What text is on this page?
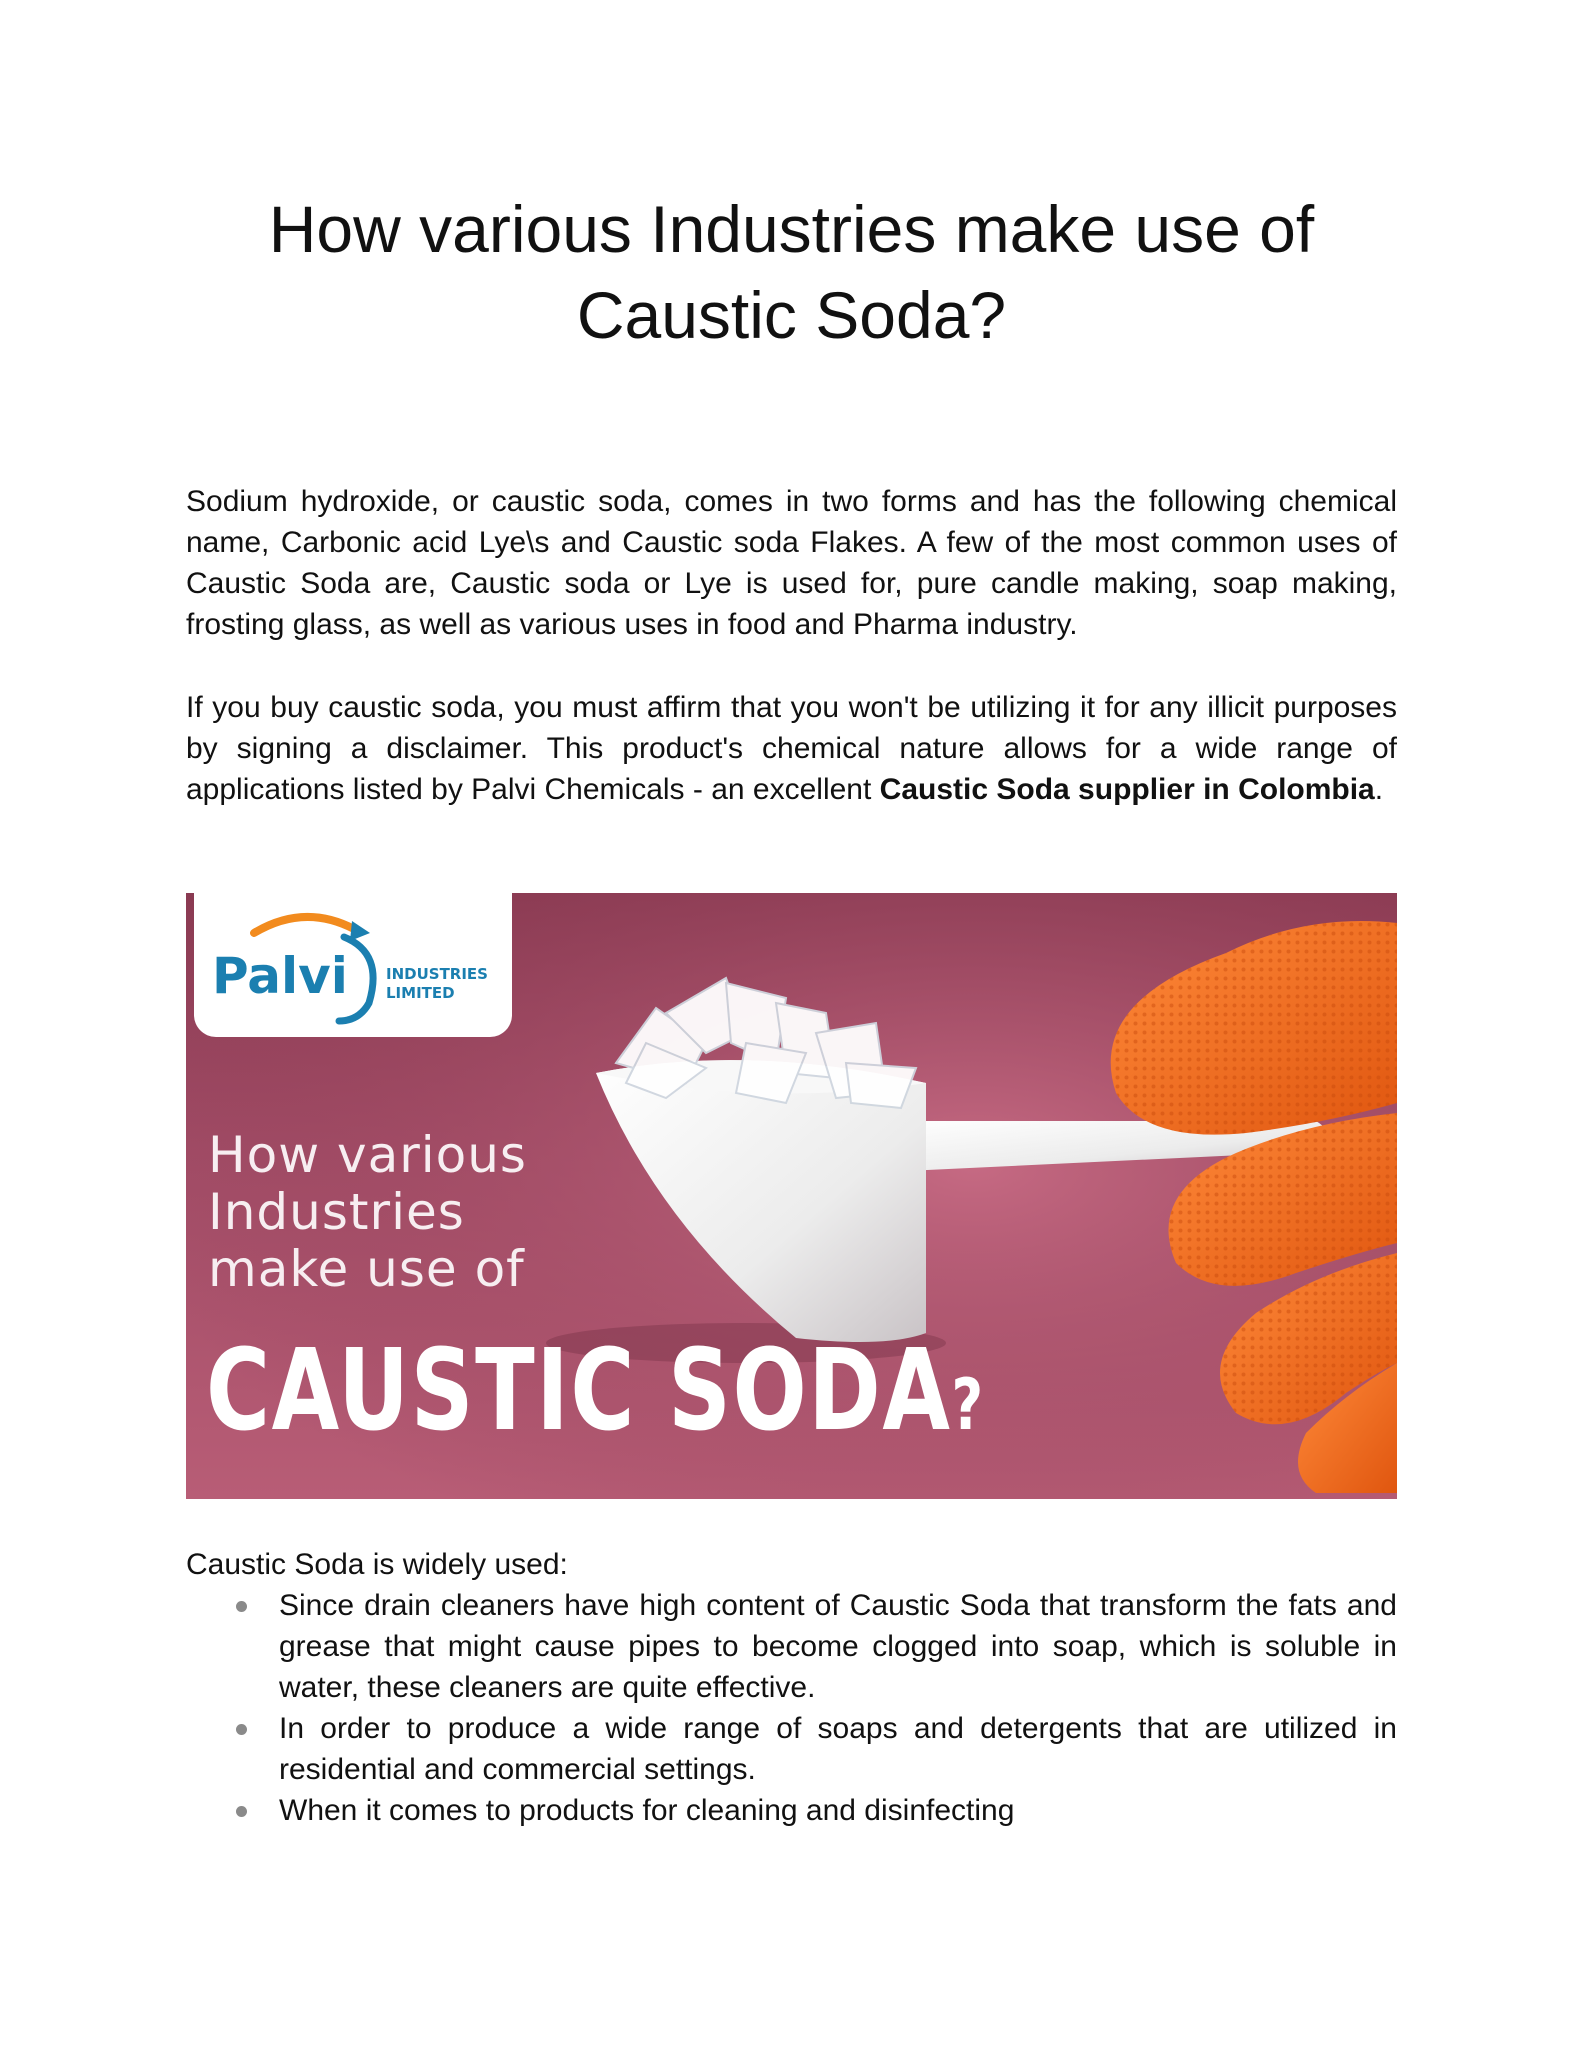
How various Industries make use of
Caustic Soda?

Sodium hydroxide, or caustic soda, comes in two forms and has the following chemical name, Carbonic acid Lye\s and Caustic soda Flakes. A few of the most common uses of Caustic Soda are, Caustic soda or Lye is used for, pure candle making, soap making, frosting glass, as well as various uses in food and Pharma industry.

If you buy caustic soda, you must affirm that you won't be utilizing it for any illicit purposes by signing a disclaimer. This product's chemical nature allows for a wide range of applications listed by Palvi Chemicals - an excellent Caustic Soda supplier in Colombia.

Palvi	INDUSTRIES
LIMITED
How various
Industries
make use of
CAUSTIC SODA?

Caustic Soda is widely used:

Since drain cleaners have high content of Caustic Soda that transform the fats and grease that might cause pipes to become clogged into soap, which is soluble in water, these cleaners are quite effective.
In order to produce a wide range of soaps and detergents that are utilized in residential and commercial settings.
When it comes to products for cleaning and disinfecting
